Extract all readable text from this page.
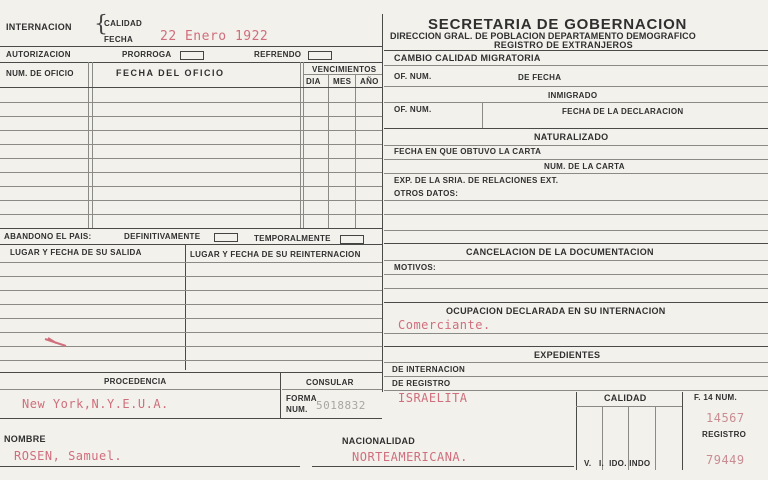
INTERNACION {
CALIDAD
FECHA 22 Enero 1922
AUTORIZACION	PRORROGA	REFRENDO
NUM. DE OFICIO	FECHA DEL OFICIO	VENCIMIENTOS
DIA MES AÑO
ABANDONO EL PAIS:	DEFINITIVAMENTE	TEMPORALMENTE
LUGAR Y FECHA DE SU SALIDA	LUGAR Y FECHA DE SU REINTERNACION
PROCEDENCIA	CONSULAR
New York,N.Y.E.U.A.	FORMA
NUM. 5018832
SECRETARIA DE GOBERNACION
DIRECCION GRAL. DE POBLACION DEPARTAMENTO DEMOGRAFICO
REGISTRO DE EXTRANJEROS
CAMBIO CALIDAD MIGRATORIA
OF. NUM.	DE FECHA
INMIGRADO
OF. NUM.	FECHA DE LA DECLARACION
NATURALIZADO
FECHA EN QUE OBTUVO LA CARTA
NUM. DE LA CARTA
EXP. DE LA SRIA. DE RELACIONES EXT.
OTROS DATOS:
CANCELACION DE LA DOCUMENTACION
MOTIVOS:
OCUPACION DECLARADA EN SU INTERNACION
Comerciante.
EXPEDIENTES
DE INTERNACION
DE REGISTRO
ISRAELITA	CALIDAD
V.   I.  IDO. INDO
F. 14 NUM.
14567
REGISTRO
79449
NOMBRE
ROSEN, Samuel.
NACIONALIDAD
NORTEAMERICANA.
